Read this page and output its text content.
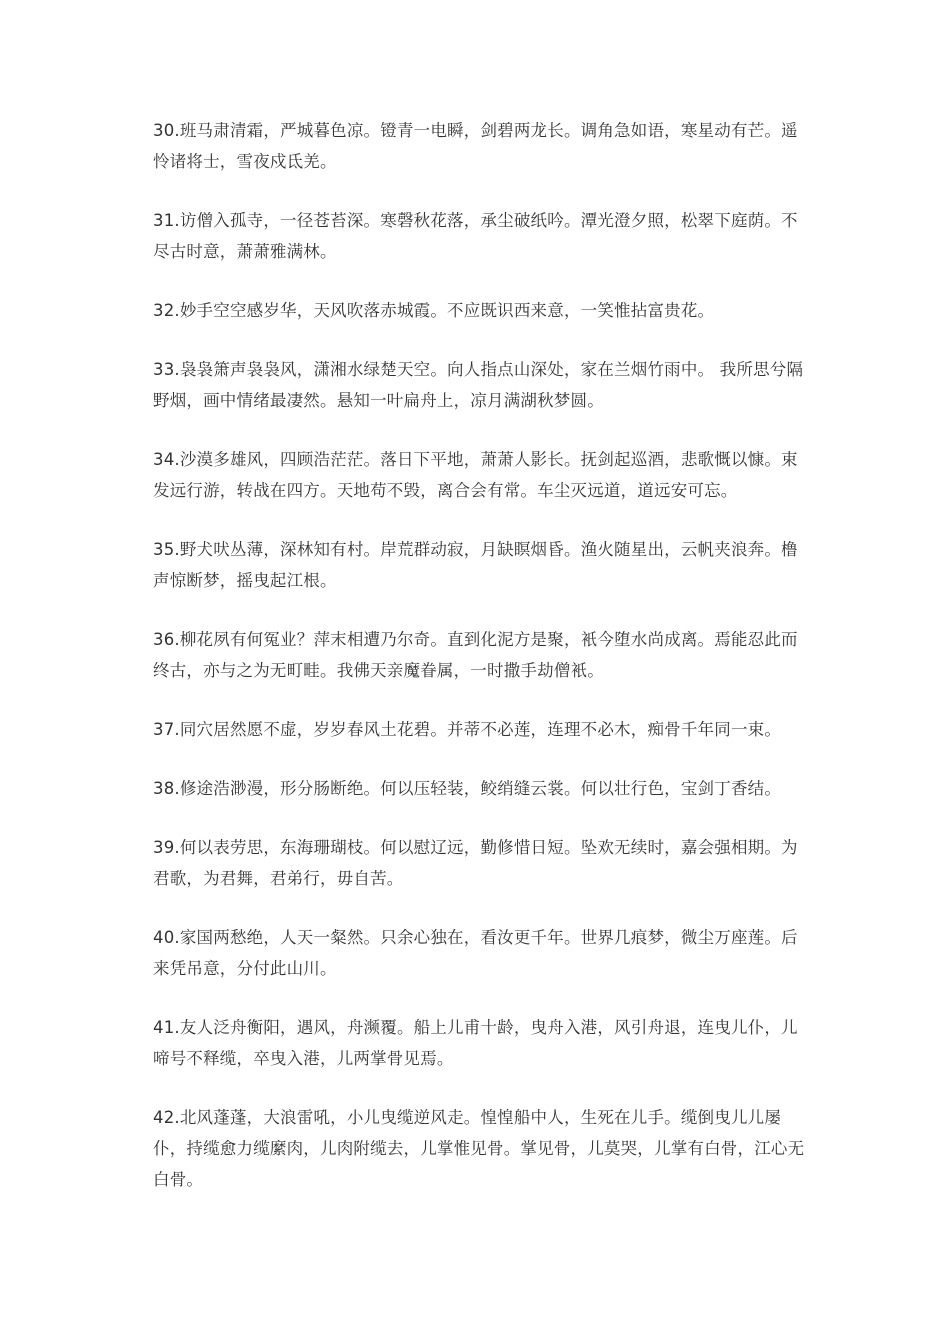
30.班马肃清霜，严城暮色凉。镫青一电瞬，剑碧两龙长。调角急如语，寒星动有芒。遥怜诸将士，雪夜戍氐羌。

31.访僧入孤寺，一径苍苔深。寒磬秋花落，承尘破纸吟。潭光澄夕照，松翠下庭荫。不尽古时意，萧萧雅满林。

32.妙手空空感岁华，天风吹落赤城霞。不应既识西来意，一笑惟拈富贵花。

33.袅袅箫声袅袅风，潇湘水绿楚天空。向人指点山深处，家在兰烟竹雨中。 我所思兮隔野烟，画中情绪最凄然。悬知一叶扁舟上，凉月满湖秋梦圆。

34.沙漠多雄风，四顾浩茫茫。落日下平地，萧萧人影长。抚剑起巡酒，悲歌慨以慷。束发远行游，转战在四方。天地苟不毁，离合会有常。车尘灭远道，道远安可忘。

35.野犬吠丛薄，深林知有村。岸荒群动寂，月缺瞑烟昏。渔火随星出，云帆夹浪奔。橹声惊断梦，摇曳起江根。

36.柳花夙有何冤业？萍末相遭乃尔奇。直到化泥方是聚，衹今堕水尚成离。焉能忍此而终古，亦与之为无町畦。我佛天亲魔眷属，一时撒手劫僧衹。

37.同穴居然愿不虚，岁岁春风土花碧。并蒂不必莲，连理不必木，痴骨千年同一束。

38.修途浩渺漫，形分肠断绝。何以压轻装，鲛绡缝云裳。何以壮行色，宝剑丁香结。

39.何以表劳思，东海珊瑚枝。何以慰辽远，勤修惜日短。坠欢无续时，嘉会强相期。为君歌，为君舞，君弟行，毋自苦。

40.家国两愁绝，人天一粲然。只余心独在，看汝更千年。世界几痕梦，微尘万座莲。后来凭吊意，分付此山川。

41.友人泛舟衡阳，遇风，舟濒覆。船上儿甫十龄，曳舟入港，风引舟退，连曳儿仆，儿啼号不释缆，卒曳入港，儿两掌骨见焉。

42.北风蓬蓬，大浪雷吼，小儿曳缆逆风走。惶惶船中人，生死在儿手。缆倒曳儿儿屡仆，持缆愈力缆縻肉，儿肉附缆去，儿掌惟见骨。掌见骨，儿莫哭，儿掌有白骨，江心无白骨。
